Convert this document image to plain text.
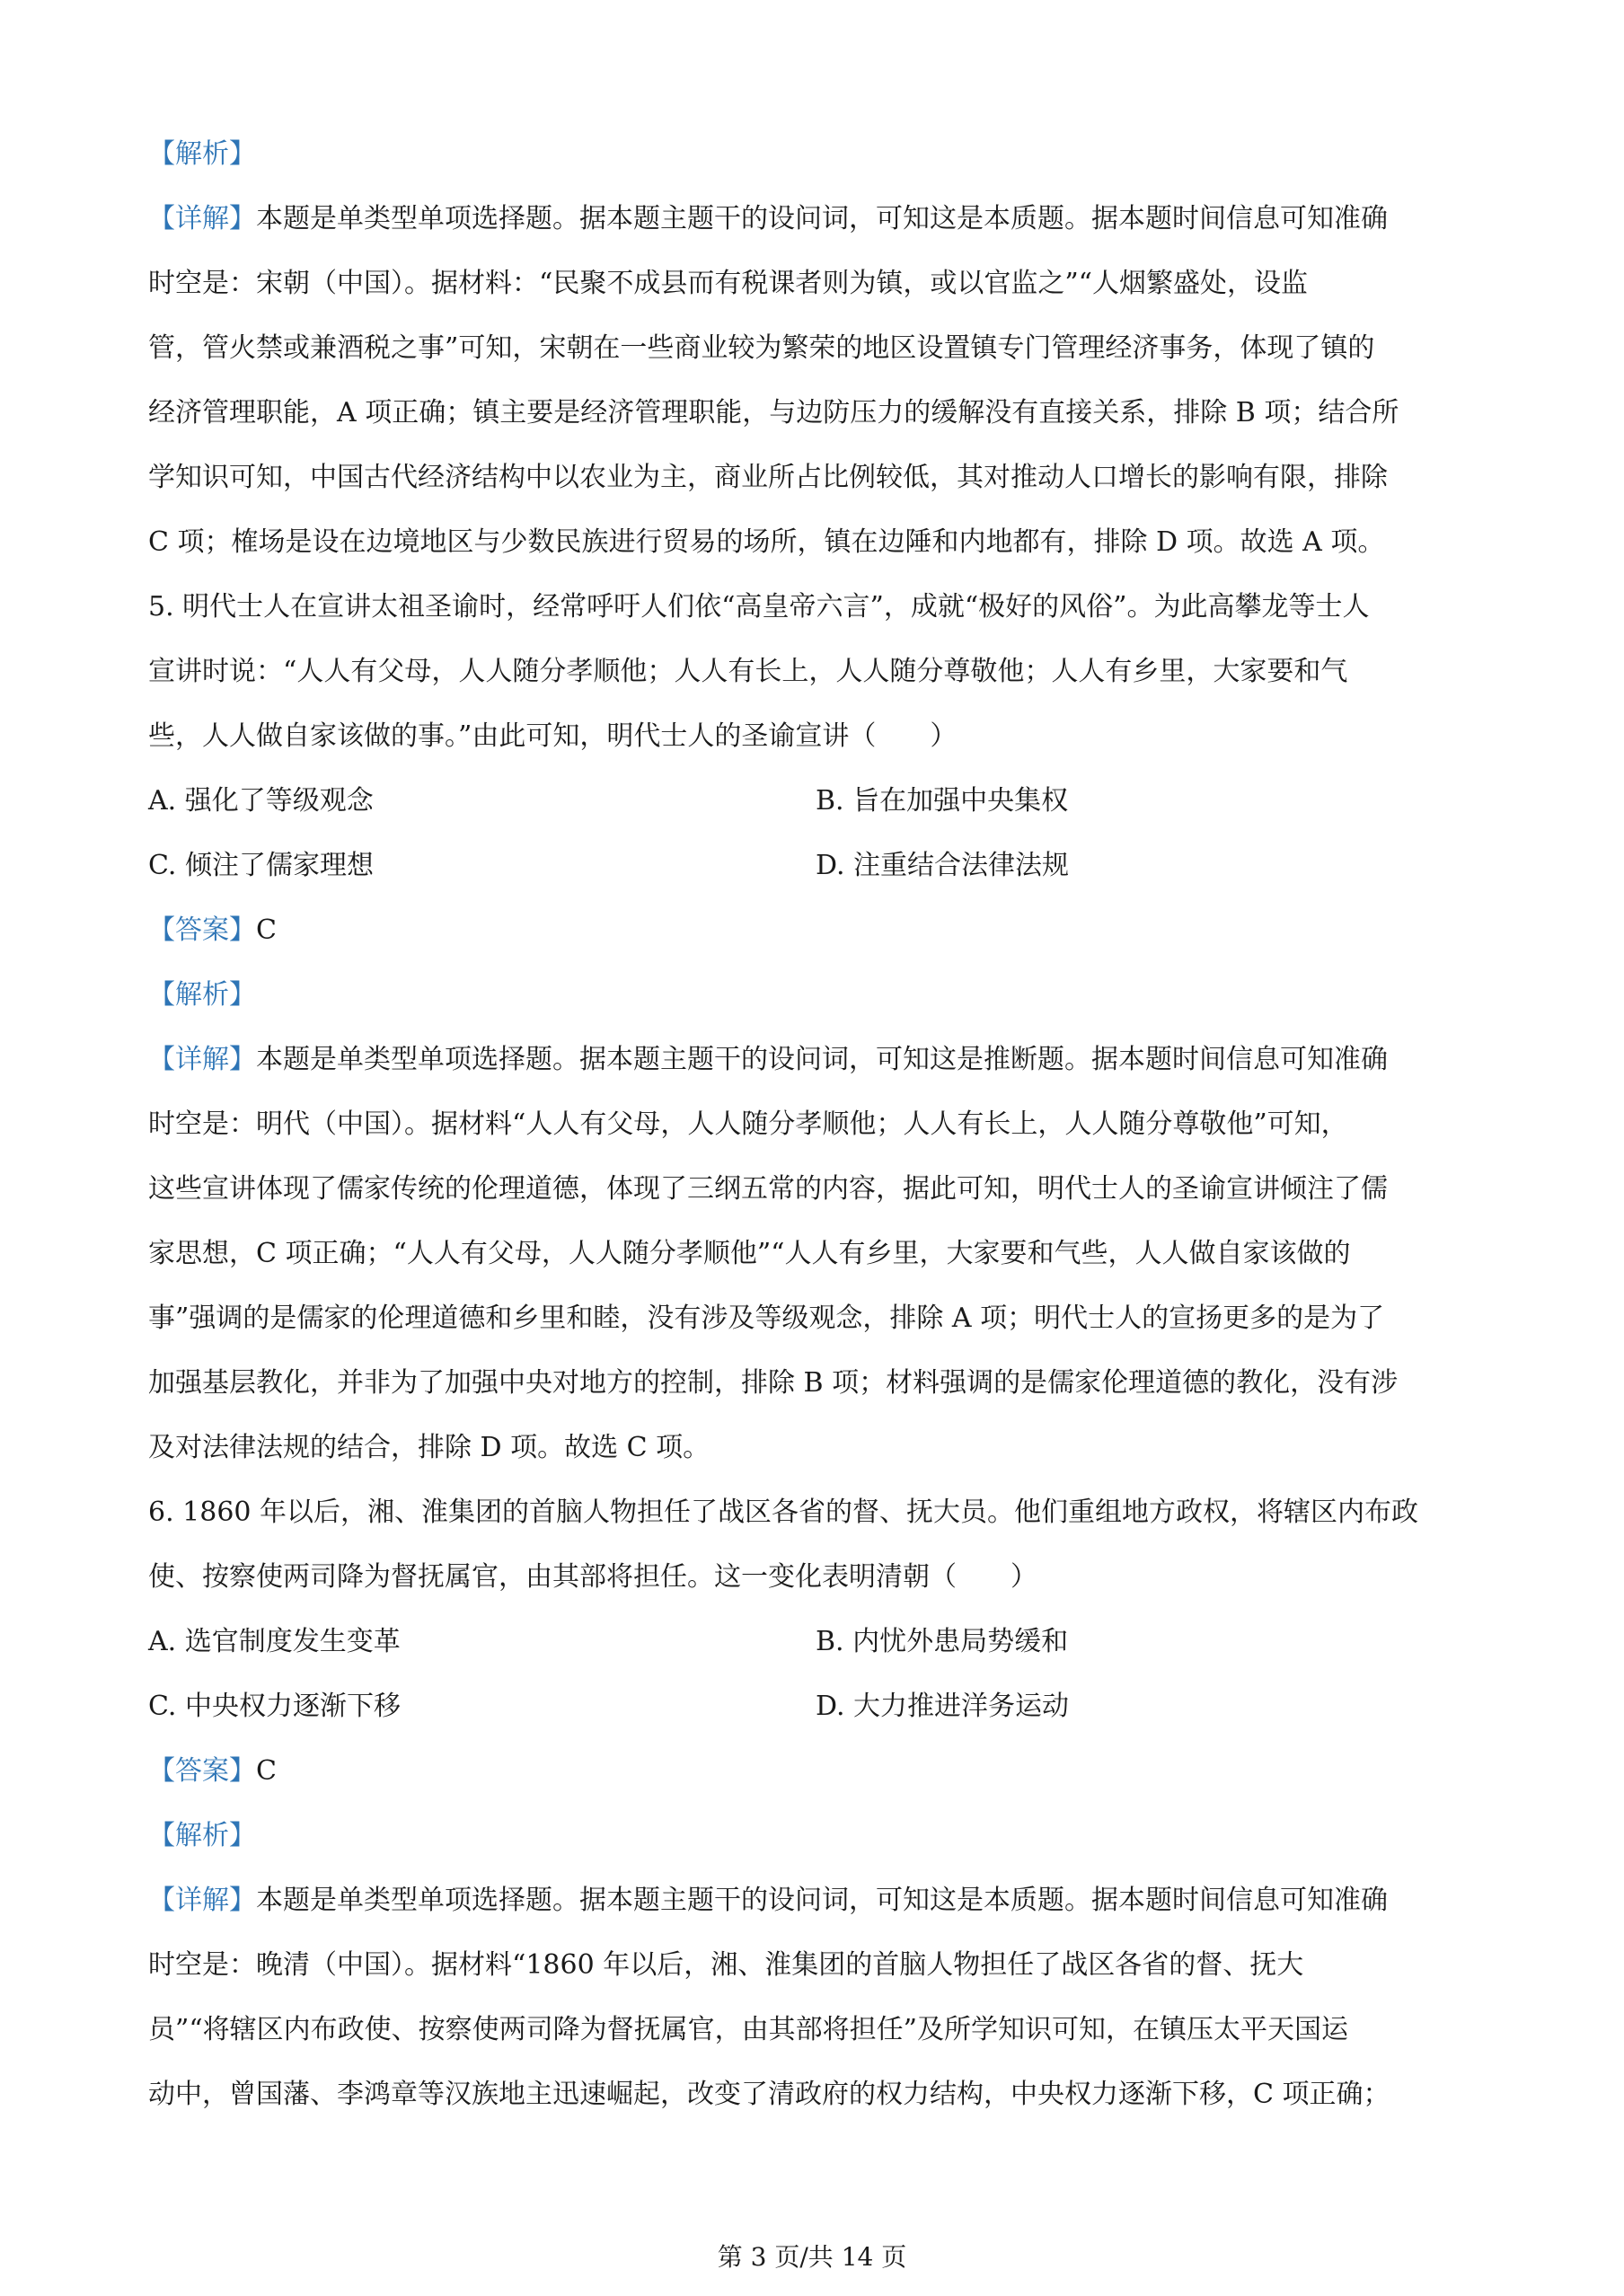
【解析】

【详解】本题是单类型单项选择题。据本题主题干的设问词，可知这是本质题。据本题时间信息可知准确

时空是：宋朝（中国）。据材料：“民聚不成县而有税课者则为镇，或以官监之”“人烟繁盛处，设监

管，管火禁或兼酒税之事”可知，宋朝在一些商业较为繁荣的地区设置镇专门管理经济事务，体现了镇的

经济管理职能，A 项正确；镇主要是经济管理职能，与边防压力的缓解没有直接关系，排除 B 项；结合所

学知识可知，中国古代经济结构中以农业为主，商业所占比例较低，其对推动人口增长的影响有限，排除

C 项；榷场是设在边境地区与少数民族进行贸易的场所，镇在边陲和内地都有，排除 D 项。故选 A 项。

5. 明代士人在宣讲太祖圣谕时，经常呼吁人们依“高皇帝六言”，成就“极好的风俗”。为此高攀龙等士人

宣讲时说：“人人有父母，人人随分孝顺他；人人有长上，人人随分尊敬他；人人有乡里，大家要和气

些，人人做自家该做的事。”由此可知，明代士人的圣谕宣讲（　　）

A. 强化了等级观念	B. 旨在加强中央集权
C. 倾注了儒家理想	D. 注重结合法律法规

【答案】C

【解析】

【详解】本题是单类型单项选择题。据本题主题干的设问词，可知这是推断题。据本题时间信息可知准确

时空是：明代（中国）。据材料“人人有父母，人人随分孝顺他；人人有长上，人人随分尊敬他”可知，

这些宣讲体现了儒家传统的伦理道德，体现了三纲五常的内容，据此可知，明代士人的圣谕宣讲倾注了儒

家思想，C 项正确；“人人有父母，人人随分孝顺他”“人人有乡里，大家要和气些，人人做自家该做的

事”强调的是儒家的伦理道德和乡里和睦，没有涉及等级观念，排除 A 项；明代士人的宣扬更多的是为了

加强基层教化，并非为了加强中央对地方的控制，排除 B 项；材料强调的是儒家伦理道德的教化，没有涉

及对法律法规的结合，排除 D 项。故选 C 项。

6. 1860 年以后，湘、淮集团的首脑人物担任了战区各省的督、抚大员。他们重组地方政权，将辖区内布政

使、按察使两司降为督抚属官，由其部将担任。这一变化表明清朝（　　）

A. 选官制度发生变革	B. 内忧外患局势缓和
C. 中央权力逐渐下移	D. 大力推进洋务运动

【答案】C

【解析】

【详解】本题是单类型单项选择题。据本题主题干的设问词，可知这是本质题。据本题时间信息可知准确

时空是：晚清（中国）。据材料“1860 年以后，湘、淮集团的首脑人物担任了战区各省的督、抚大

员”“将辖区内布政使、按察使两司降为督抚属官，由其部将担任”及所学知识可知，在镇压太平天国运

动中，曾国藩、李鸿章等汉族地主迅速崛起，改变了清政府的权力结构，中央权力逐渐下移，C 项正确；

第 3 页/共 14 页
